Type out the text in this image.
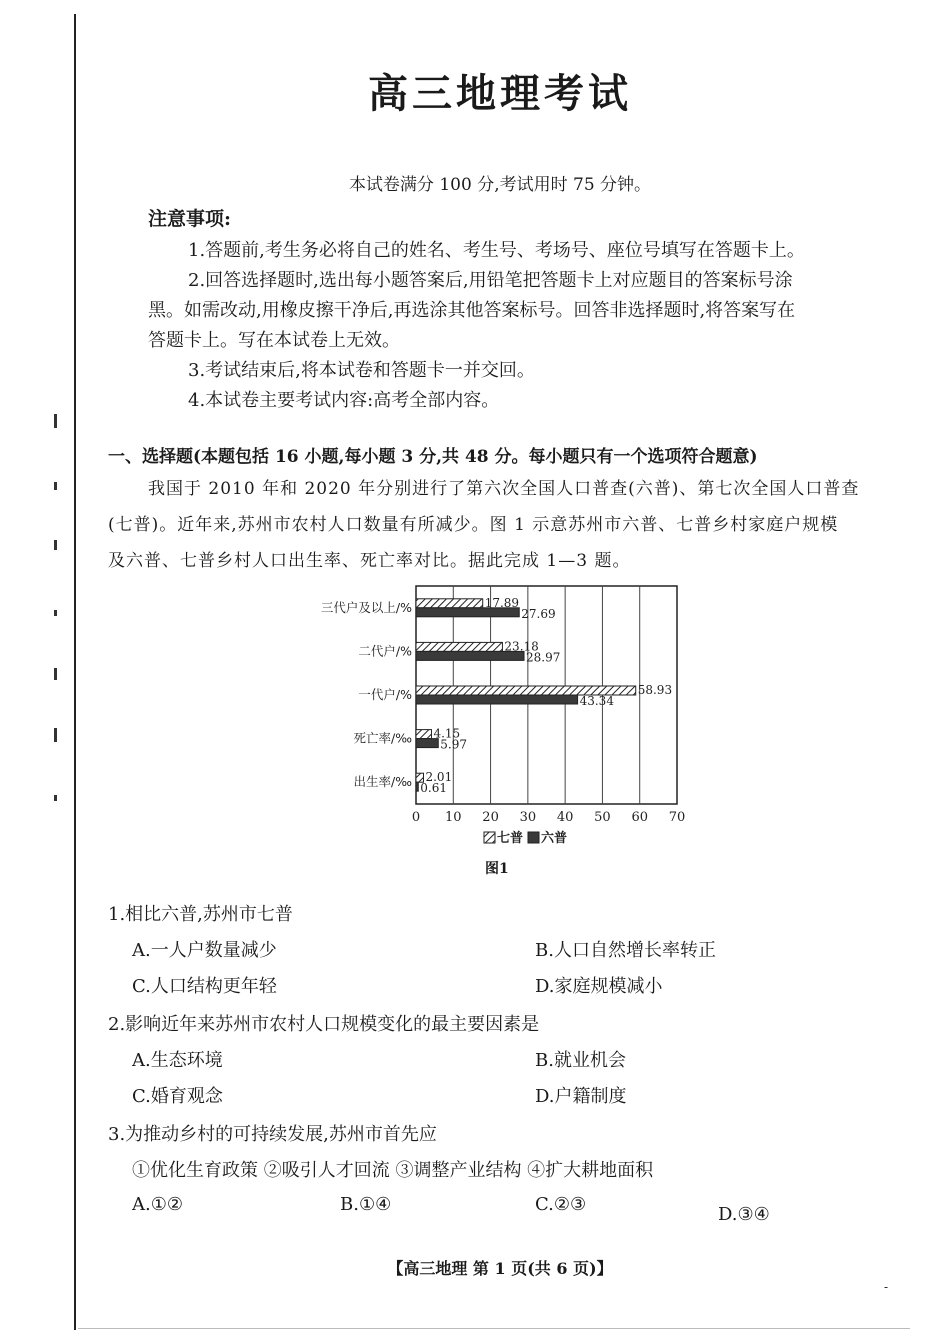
高三地理考试
本试卷满分 100 分,考试用时 75 分钟。
注意事项:
1.答题前,考生务必将自己的姓名、考生号、考场号、座位号填写在答题卡上。
2.回答选择题时,选出每小题答案后,用铅笔把答题卡上对应题目的答案标号涂
黑。如需改动,用橡皮擦干净后,再选涂其他答案标号。回答非选择题时,将答案写在
答题卡上。写在本试卷上无效。
3.考试结束后,将本试卷和答题卡一并交回。
4.本试卷主要考试内容:高考全部内容。
一、选择题(本题包括 16 小题,每小题 3 分,共 48 分。每小题只有一个选项符合题意)
我国于 2010 年和 2020 年分别进行了第六次全国人口普查(六普)、第七次全国人口普查
(七普)。近年来,苏州市农村人口数量有所减少。图 1 示意苏州市六普、七普乡村家庭户规模
及六普、七普乡村人口出生率、死亡率对比。据此完成 1—3 题。
0 10 20 30 40 50 60 70
三代户及以上/%	17.89
27.69
二代户/%	23.18
28.97
一代户/%	58.93
43.34
死亡率/‰ 4.15
5.97
出生率/‰ 2.01
0.61
七普 六普
图1
1.相比六普,苏州市七普
A.一人户数量减少	B.人口自然增长率转正
C.人口结构更年轻	D.家庭规模减小
2.影响近年来苏州市农村人口规模变化的最主要因素是
A.生态环境	B.就业机会
C.婚育观念	D.户籍制度
3.为推动乡村的可持续发展,苏州市首先应
①优化生育政策 ②吸引人才回流 ③调整产业结构 ④扩大耕地面积
A.①②	B.①④	C.②③	D.③④
【高三地理 第 1 页(共 6 页)】
-
